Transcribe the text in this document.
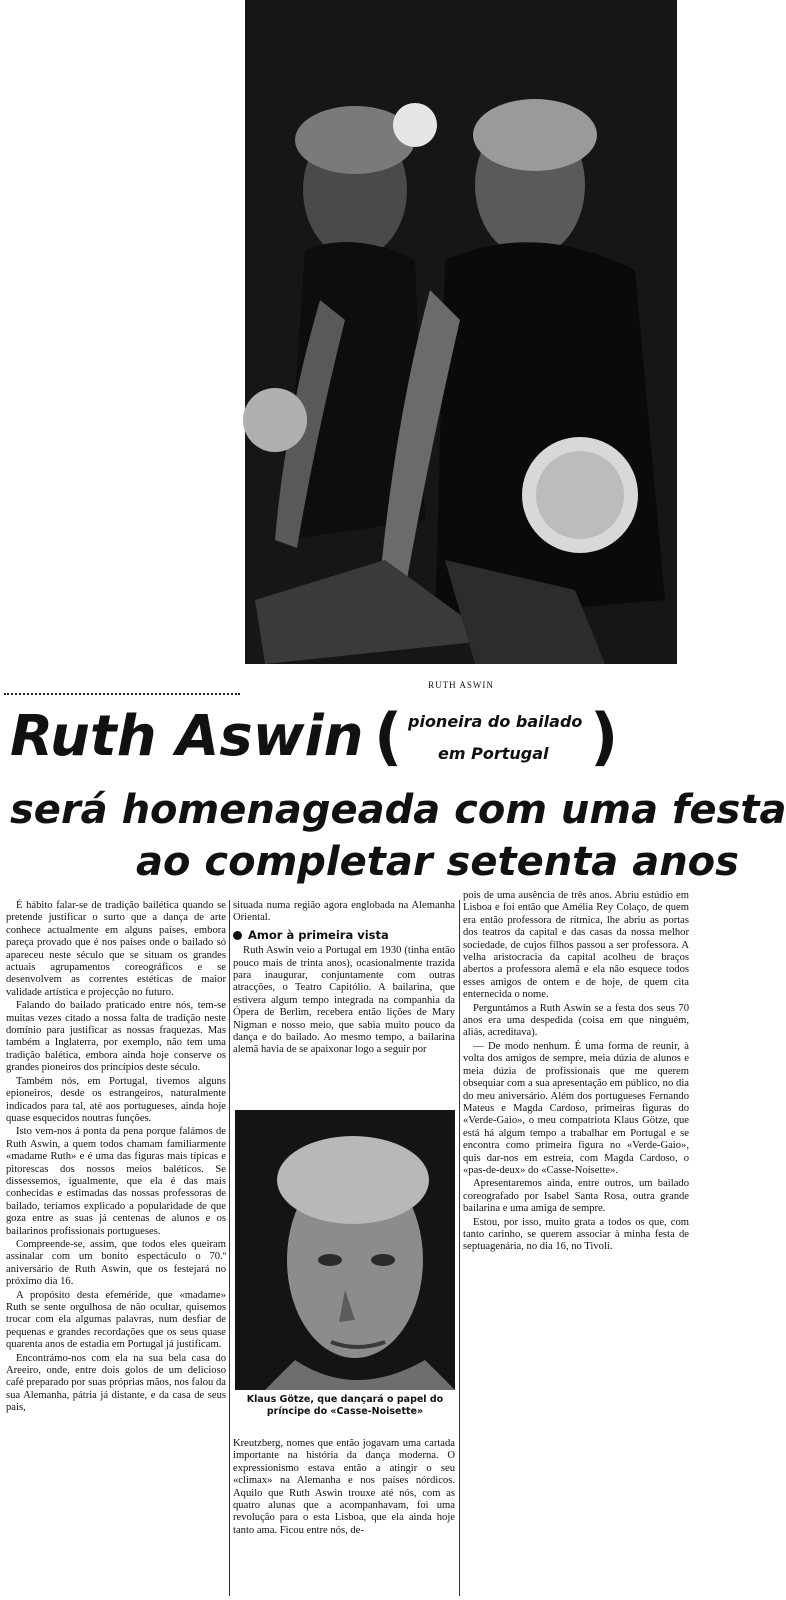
RUTH ASWIN
Ruth Aswin ( pioneira do bailado
em Portugal )
será homenageada com uma festa
ao completar setenta anos

É hábito falar-se de tradição bailética quando se pretende justificar o surto que a dança de arte conhece actualmente em alguns países, embora pareça provado que é nos países onde o bailado só apareceu neste século que se situam os grandes actuais agrupamentos coreográficos e se desenvolvem as correntes estéticas de maior validade artística e projecção no futuro.

Falando do bailado praticado entre nós, tem-se muitas vezes citado a nossa falta de tradição neste domínio para justificar as nossas fraquezas. Mas também a Inglaterra, por exemplo, não tem uma tradição balética, embora ainda hoje conserve os grandes pioneiros dos princípios deste século.

Também nós, em Portugal, tivemos alguns epioneiros, desde os estrangeiros, naturalmente indicados para tal, até aos portugueses, ainda hoje quase esquecidos noutras funções.

Isto vem-nos á ponta da pena porque falámos de Ruth Aswin, a quem todos chamam familiarmente «madame Ruth» e é uma das figuras mais típicas e pitorescas dos nossos meios baléticos. Se dissessemos, igualmente, que ela é das mais conhecidas e estimadas das nossas professoras de bailado, teríamos explicado a popularidade de que goza entre as suas já centenas de alunos e os bailarinos profissionais portugueses.

Compreende-se, assim, que todos eles queiram assinalar com um bonito espectáculo o 70.º aniversário de Ruth Aswin, que os festejará no próximo dia 16.

A propósito desta efeméride, que «madame» Ruth se sente orgulhosa de não ocultar, quisemos trocar com ela algumas palavras, num desfiar de pequenas e grandes recordações que os seus quase quarenta anos de estadia em Portugal já justificam.

Encontrámo-nos com ela na sua bela casa do Areeiro, onde, entre dois golos de um delicioso café preparado por suas próprias mãos, nos falou da sua Alemanha, pátria já distante, e da casa de seus pais,

situada numa região agora englobada na Alemanha Oriental.

Amor à primeira vista

Ruth Aswin veio a Portugal em 1930 (tinha então pouco mais de trinta anos), ocasionalmente trazida para inaugurar, conjuntamente com outras atracções, o Teatro Capitólio. A bailarina, que estivera algum tempo integrada na companhia da Ópera de Berlim, recebera então lições de Mary Nigman e nosso meio, que sabia muito pouco da dança e do bailado. Ao mesmo tempo, a bailarina alemã havia de se apaixonar logo a seguir por

Klaus Götze, que dançará o papel do príncipe do «Casse-Noisette»

Kreutzberg, nomes que então jogavam uma cartada importante na história da dança moderna. O expressionismo estava então a atingir o seu «climax» na Alemanha e nos países nórdicos. Aquilo que Ruth Aswin trouxe até nós, com as quatro alunas que a acompanhavam, foi uma revolução para o esta Lisboa, que ela ainda hoje tanto ama. Ficou entre nós, de-

pois de uma ausência de três anos. Abriu estúdio em Lisboa e foi então que Amélia Rey Colaço, de quem era então professora de rítmica, lhe abriu as portas dos teatros da capital e das casas da nossa melhor sociedade, de cujos filhos passou a ser professora. A velha aristocracia da capital acolheu de braços abertos a professora alemã e ela não esquece todos esses amigos de ontem e de hoje, de quem cita enternecida o nome.

Perguntámos a Ruth Aswin se a festa dos seus 70 anos era uma despedida (coisa em que ninguém, aliás, acreditava).

— De modo nenhum. É uma forma de reunir, à volta dos amigos de sempre, meia dúzia de alunos e meia dúzia de profissionais que me querem obsequiar com a sua apresentação em público, no dia do meu aniversário. Além dos portugueses Fernando Mateus e Magda Cardoso, primeiras figuras do «Verde-Gaio», o meu compatriota Klaus Götze, que está há algum tempo a trabalhar em Portugal e se encontra como primeira figura no «Verde-Gaio», quis dar-nos em estreia, com Magda Cardoso, o «pas-de-deux» do «Casse-Noisette».

Apresentaremos ainda, entre outros, um bailado coreografado por Isabel Santa Rosa, outra grande bailarina e uma amiga de sempre.

Estou, por isso, muito grata a todos os que, com tanto carinho, se querem associar à minha festa de septuagenária, no dia 16, no Tivoli.
